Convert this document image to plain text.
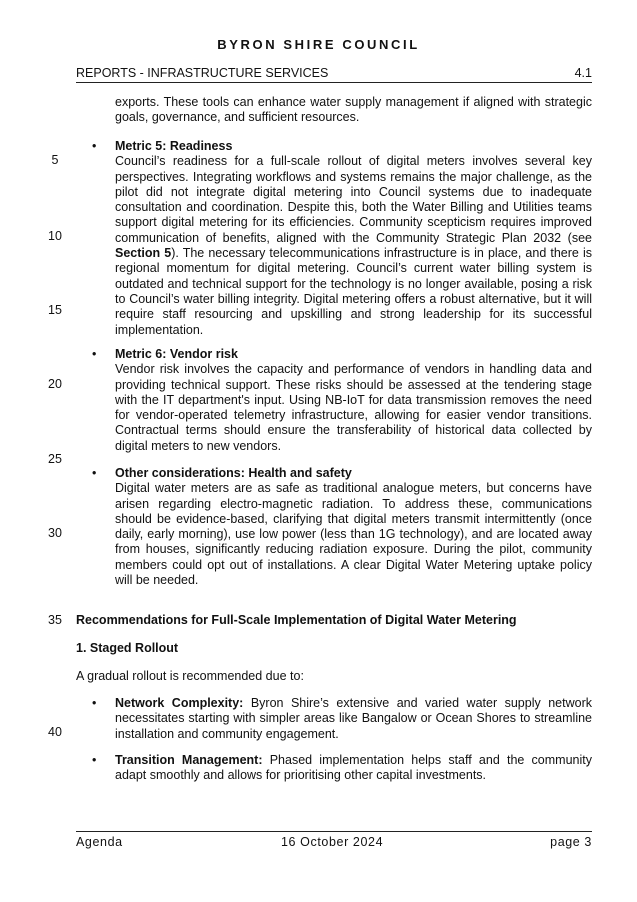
BYRON SHIRE COUNCIL
REPORTS - INFRASTRUCTURE SERVICES	4.1
5
10
15
20
25
30
35
40

exports. These tools can enhance water supply management if aligned with strategic goals, governance, and sufficient resources.

• Metric 5: Readiness
Council’s readiness for a full-scale rollout of digital meters involves several key perspectives. Integrating workflows and systems remains the major challenge, as the pilot did not integrate digital metering into Council systems due to inadequate consultation and coordination. Despite this, both the Water Billing and Utilities teams support digital metering for its efficiencies. Community scepticism requires improved communication of benefits, aligned with the Community Strategic Plan 2032 (see Section 5). The necessary telecommunications infrastructure is in place, and there is regional momentum for digital metering. Council’s current water billing system is outdated and technical support for the technology is no longer available, posing a risk to Council’s water billing integrity. Digital metering offers a robust alternative, but it will require staff resourcing and upskilling and strong leadership for its successful implementation.

• Metric 6: Vendor risk
Vendor risk involves the capacity and performance of vendors in handling data and providing technical support. These risks should be assessed at the tendering stage with the IT department's input. Using NB-IoT for data transmission removes the need for vendor-operated telemetry infrastructure, allowing for easier vendor transitions. Contractual terms should ensure the transferability of historical data collected by digital meters to new vendors.

• Other considerations: Health and safety
Digital water meters are as safe as traditional analogue meters, but concerns have arisen regarding electro-magnetic radiation. To address these, communications should be evidence-based, clarifying that digital meters transmit intermittently (once daily, early morning), use low power (less than 1G technology), and are located away from houses, significantly reducing radiation exposure. During the pilot, community members could opt out of installations. A clear Digital Water Metering uptake policy will be needed.

Recommendations for Full-Scale Implementation of Digital Water Metering
1. Staged Rollout
A gradual rollout is recommended due to:
• Network Complexity: Byron Shire’s extensive and varied water supply network necessitates starting with simpler areas like Bangalow or Ocean Shores to streamline installation and community engagement.

• Transition Management: Phased implementation helps staff and the community adapt smoothly and allows for prioritising other capital investments.

Agenda	16 October 2024	page 3
